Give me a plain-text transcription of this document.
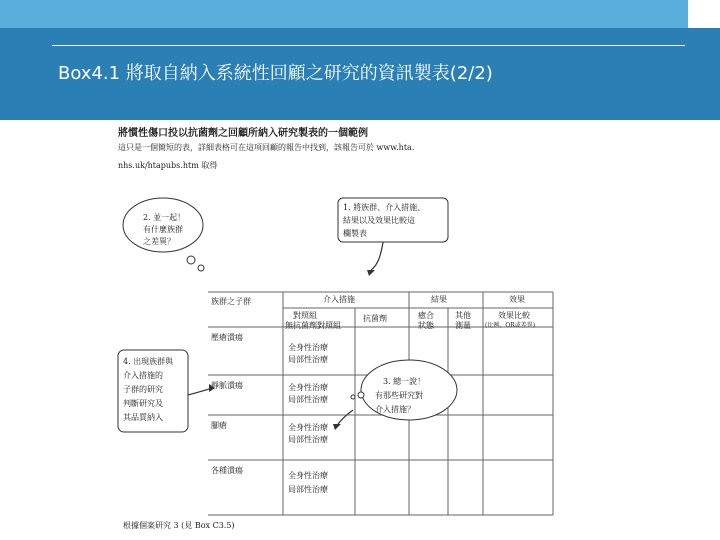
Box4.1 將取自納入系統性回顧之研究的資訊製表(2/2)
將慣性傷口投以抗菌劑之回顧所納入研究製表的一個範例
這只是一個簡短的表，詳細表格可在這項回顧的報告中找到，該報告可於 www.hta.
nhs.uk/htapubs.htm 取得
1. 將族群、介入措施、
結果以及效果比較這
欄製表
2. 並一起！
有什麼族群
之差異？
3. 總一說！
有那些研究對
介入措施？
4. 出現族群與
介入措施的
子群的研究
判斷研究及
其品質納入
族群之子群	介入措施
對照組
無抗菌劑對照組
抗菌劑
結果
癒合
狀態
其他
測量
效果
效果比較
(比例，OR或差異)
壓瘡潰瘍
靜脈潰瘍
腳瘡
各種潰瘍
全身性治療
局部性治療
全身性治療
局部性治療
全身性治療
局部性治療
全身性治療
局部性治療
根據個案研究 3 (見 Box C3.5)
